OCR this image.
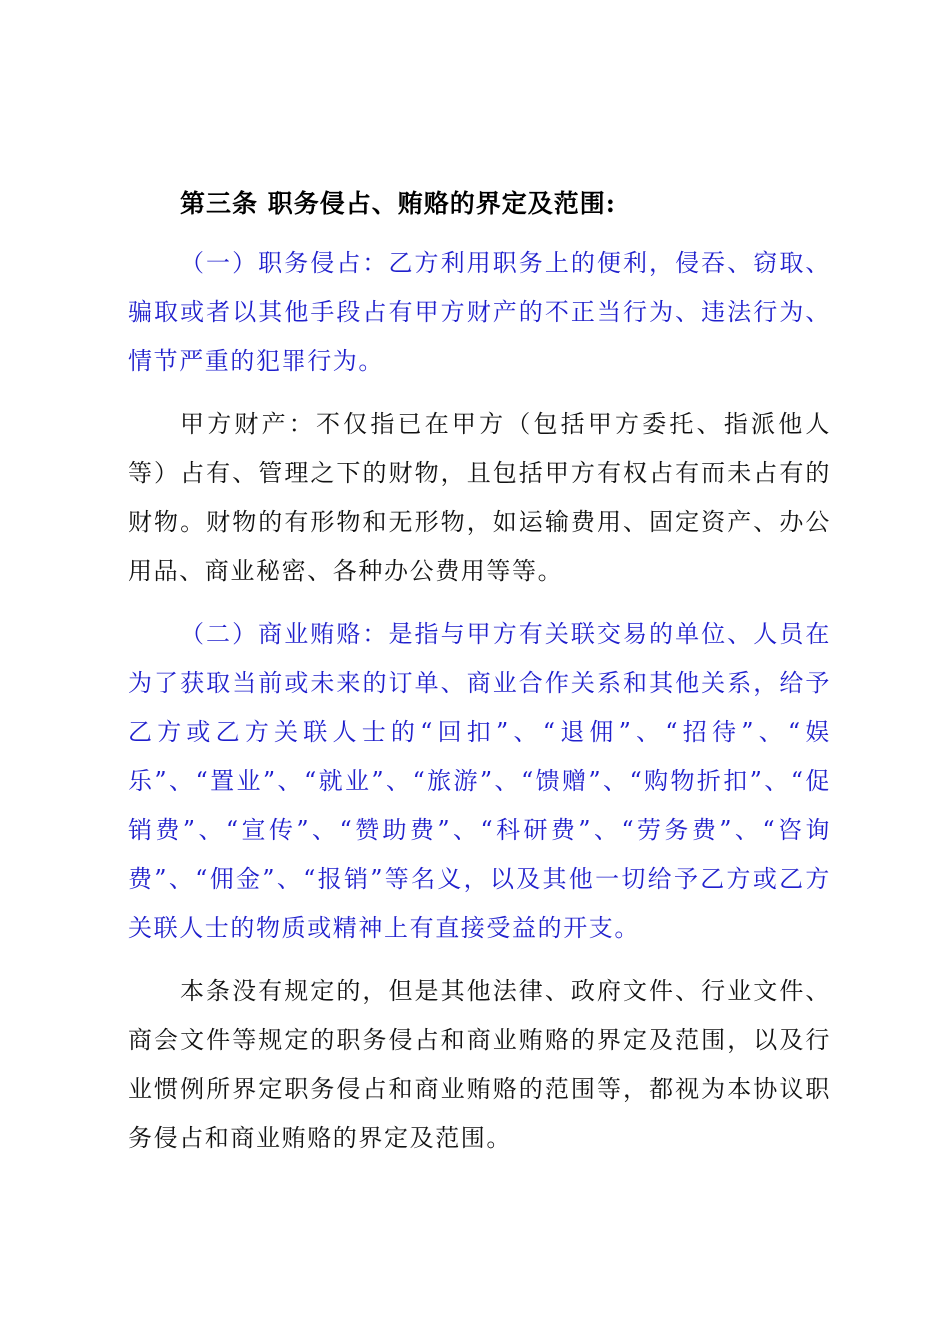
第三条 职务侵占、贿赂的界定及范围:

（一）职务侵占：乙方利用职务上的便利，侵吞、窃取、骗取或者以其他手段占有甲方财产的不正当行为、违法行为、情节严重的犯罪行为。

甲方财产：不仅指已在甲方（包括甲方委托、指派他人等）占有、管理之下的财物，且包括甲方有权占有而未占有的财物。财物的有形物和无形物，如运输费用、固定资产、办公用品、商业秘密、各种办公费用等等。

（二）商业贿赂：是指与甲方有关联交易的单位、人员在为了获取当前或未来的订单、商业合作关系和其他关系，给予乙方或乙方关联人士的“回扣”、“退佣”、“招待”、“娱乐”、“置业”、“就业”、“旅游”、“馈赠”、“购物折扣”、“促销费”、“宣传”、“赞助费”、“科研费”、“劳务费”、“咨询费”、“佣金”、“报销”等名义，以及其他一切给予乙方或乙方关联人士的物质或精神上有直接受益的开支。

本条没有规定的，但是其他法律、政府文件、行业文件、商会文件等规定的职务侵占和商业贿赂的界定及范围，以及行业惯例所界定职务侵占和商业贿赂的范围等，都视为本协议职务侵占和商业贿赂的界定及范围。
